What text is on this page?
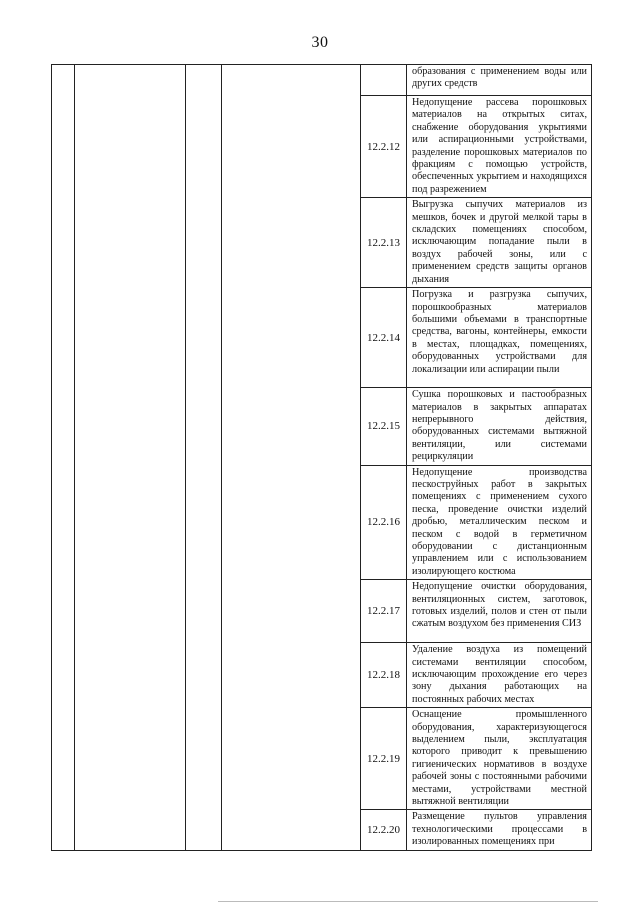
30
					образования с применением воды или других средств
				12.2.12	Недопущение рассева порошковых материалов на открытых ситах, снабжение оборудования укрытиями или аспирационными устройствами, разделение порошковых материалов по фракциям с помощью устройств, обеспеченных укрытием и находящихся под разрежением
				12.2.13	Выгрузка сыпучих материалов из мешков, бочек и другой мелкой тары в складских помещениях способом, исключающим попадание пыли в воздух рабочей зоны, или с применением средств защиты органов дыхания
				12.2.14	Погрузка и разгрузка сыпучих, порошкообразных материалов большими объемами в транспортные средства, вагоны, контейнеры, емкости в местах, площадках, помещениях, оборудованных устройствами для локализации или аспирации пыли
				12.2.15	Сушка порошковых и пастообразных материалов в закрытых аппаратах непрерывного действия, оборудованных системами вытяжной вентиляции, или системами рециркуляции
				12.2.16	Недопущение производства пескоструйных работ в закрытых помещениях с применением сухого песка, проведение очистки изделий дробью, металлическим песком и песком с водой в герметичном оборудовании с дистанционным управлением или с использованием изолирующего костюма
				12.2.17	Недопущение очистки оборудования, вентиляционных систем, заготовок, готовых изделий, полов и стен от пыли сжатым воздухом без применения СИЗ
				12.2.18	Удаление воздуха из помещений системами вентиляции способом, исключающим прохождение его через зону дыхания работающих на постоянных рабочих местах
				12.2.19	Оснащение промышленного оборудования, характеризующегося выделением пыли, эксплуатация которого приводит к превышению гигиенических нормативов в воздухе рабочей зоны с постоянными рабочими местами, устройствами местной вытяжной вентиляции
				12.2.20	Размещение пультов управления технологическими процессами в изолированных помещениях при
